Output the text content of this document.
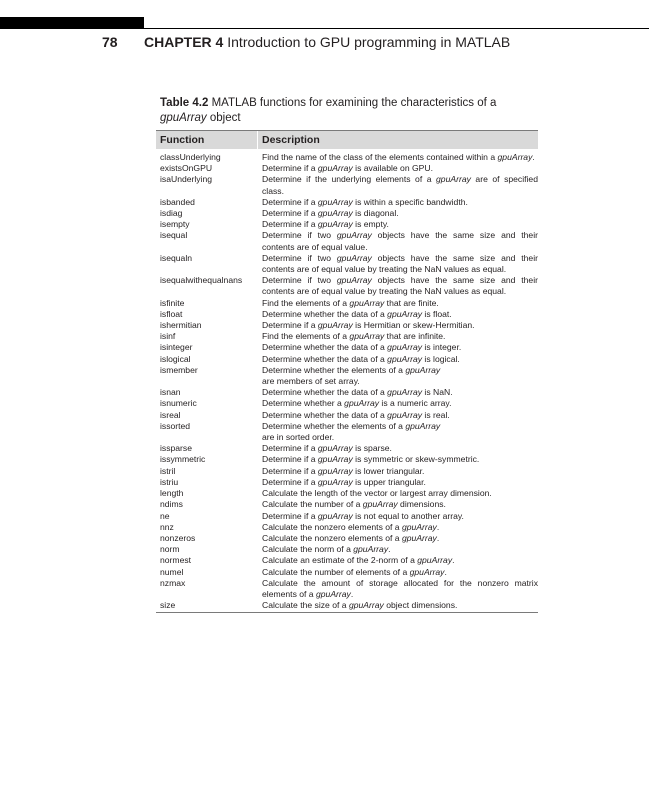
78 CHAPTER 4 Introduction to GPU programming in MATLAB
Table 4.2 MATLAB functions for examining the characteristics of a
gpuArray object
Function	Description
classUnderlying	Find the name of the class of the elements contained within a gpuArray.
existsOnGPU	Determine if a gpuArray is available on GPU.
isaUnderlying	Determine if the underlying elements of a gpuArray are of specified class.
isbanded	Determine if a gpuArray is within a specific bandwidth.
isdiag	Determine if a gpuArray is diagonal.
isempty	Determine if a gpuArray is empty.
isequal	Determine if two gpuArray objects have the same size and their contents are of equal value.
isequaln	Determine if two gpuArray objects have the same size and their contents are of equal value by treating the NaN values as equal.
isequalwithequalnans Determine if two gpuArray objects have the same size and their contents are of equal value by treating the NaN values as equal.
isfinite	Find the elements of a gpuArray that are finite.
isfloat	Determine whether the data of a gpuArray is float.
ishermitian	Determine if a gpuArray is Hermitian or skew-Hermitian.
isinf	Find the elements of a gpuArray that are infinite.
isinteger	Determine whether the data of a gpuArray is integer.
islogical	Determine whether the data of a gpuArray is logical.
ismember	Determine whether the elements of a gpuArray
are members of set array.
isnan	Determine whether the data of a gpuArray is NaN.
isnumeric	Determine whether a gpuArray is a numeric array.
isreal	Determine whether the data of a gpuArray is real.
issorted	Determine whether the elements of a gpuArray
are in sorted order.
issparse	Determine if a gpuArray is sparse.
issymmetric	Determine if a gpuArray is symmetric or skew-symmetric.
istril	Determine if a gpuArray is lower triangular.
istriu	Determine if a gpuArray is upper triangular.
length	Calculate the length of the vector or largest array dimension.
ndims	Calculate the number of a gpuArray dimensions.
ne	Determine if a gpuArray is not equal to another array.
nnz	Calculate the nonzero elements of a gpuArray.
nonzeros	Calculate the nonzero elements of a gpuArray.
norm	Calculate the norm of a gpuArray.
normest	Calculate an estimate of the 2-norm of a gpuArray.
numel	Calculate the number of elements of a gpuArray.
nzmax	Calculate the amount of storage allocated for the nonzero matrix elements of a gpuArray.
size	Calculate the size of a gpuArray object dimensions.
